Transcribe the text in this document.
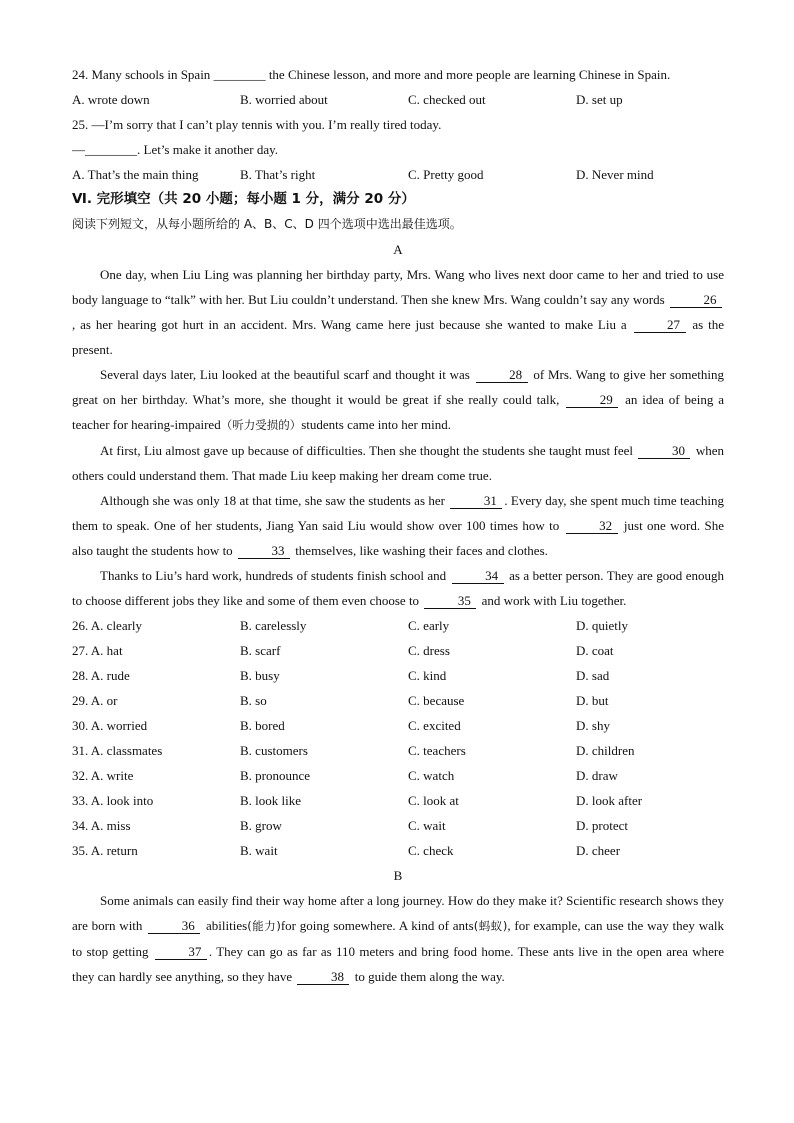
24. Many schools in Spain ________ the Chinese lesson, and more and more people are learning Chinese in Spain.
A. wrote down	B. worried about	C. checked out	D. set up
25. —I’m sorry that I can’t play tennis with you. I’m really tired today.
—________. Let’s make it another day.
A. That’s the main thing	B. That’s right	C. Pretty good	D. Never mind
Ⅵ. 完形填空（共 20 小题；每小题 1 分，满分 20 分）
阅读下列短文，从每小题所给的 A、B、C、D 四个选项中选出最佳选项。
A
One day, when Liu Ling was planning her birthday party, Mrs. Wang who lives next door came to her and tried to use body language to “talk” with her. But Liu couldn’t understand. Then she knew Mrs. Wang couldn’t say any words	26, as her hearing got hurt in an accident. Mrs. Wang came here just because she wanted to make Liu a	27 as the present.
Several days later, Liu looked at the beautiful scarf and thought it was	28 of Mrs. Wang to give her something great on her birthday. What’s more, she thought it would be great if she really could talk,	29 an idea of being a teacher for hearing-impaired（听力受损的）students came into her mind.
At first, Liu almost gave up because of difficulties. Then she thought the students she taught must feel	30 when others could understand them. That made Liu keep making her dream come true.
Although she was only 18 at that time, she saw the students as her	31 . Every day, she spent much time teaching them to speak. One of her students, Jiang Yan said Liu would show over 100 times how to	32 just one word. She also taught the students how to	33 themselves, like washing their faces and clothes.
Thanks to Liu’s hard work, hundreds of students finish school and	34 as a better person. They are good enough to choose different jobs they like and some of them even choose to	35 and work with Liu together.
26. A. clearly	B. carelessly	C. early	D. quietly
27. A. hat	B. scarf	C. dress	D. coat
28. A. rude	B. busy	C. kind	D. sad
29. A. or	B. so	C. because	D. but
30. A. worried	B. bored	C. excited	D. shy
31. A. classmates	B. customers	C. teachers	D. children
32. A. write	B. pronounce	C. watch	D. draw
33. A. look into	B. look like	C. look at	D. look after
34. A. miss	B. grow	C. wait	D. protect
35. A. return	B. wait	C. check	D. cheer
B
Some animals can easily find their way home after a long journey. How do they make it? Scientific research shows they are born with	36 abilities(能力)for going somewhere. A kind of ants(蚂蚁), for example, can use the way they walk to stop getting	37 . They can go as far as 110 meters and bring food home. These ants live in the open area where they can hardly see anything, so they have	38 to guide them along the way.
